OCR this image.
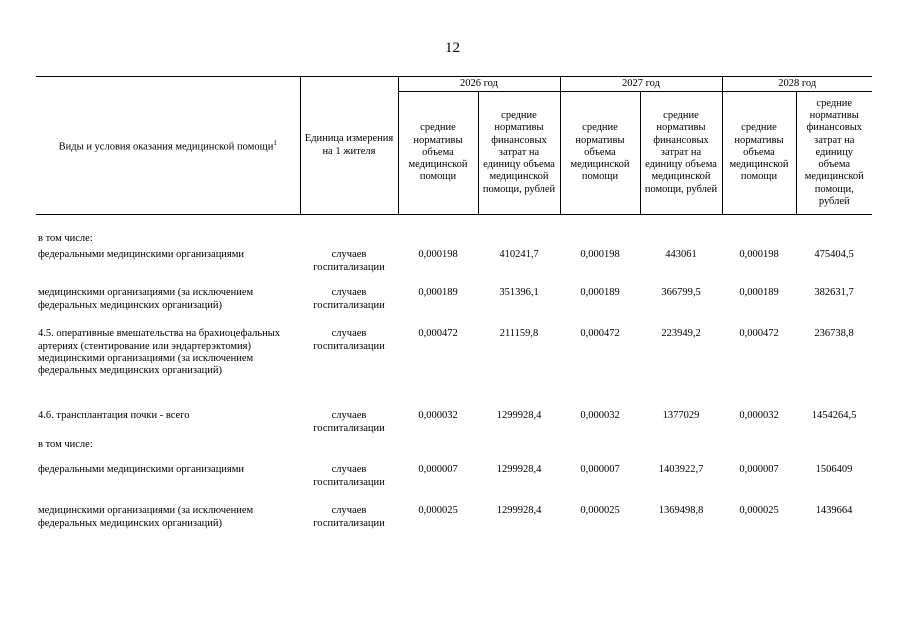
12
Виды и условия оказания медицинской помощи$^1$	Единица измерения на 1 жителя	2026 год		2027 год		2028 год	
		средние нормативы объема медицинской помощи	средние нормативы финансовых затрат на единицу объема медицинской помощи, рублей	средние нормативы объема медицинской помощи	средние нормативы финансовых затрат на единицу объема медицинской помощи, рублей	средние нормативы объема медицинской помощи	средние нормативы финансовых затрат на единицу объема медицинской помощи, рублей
в том числе:							
федеральными медицинскими организациями	случаев госпитализации	0,000198	410241,7	0,000198	443061	0,000198	475404,5
медицинскими организациями (за исключением федеральных медицинских организаций)	случаев госпитализации	0,000189	351396,1	0,000189	366799,5	0,000189	382631,7
4.5. оперативные вмешательства на брахиоцефальных артериях (стентирование или эндартерэктомия) медицинскими организациями (за исключением федеральных медицинских организаций)	случаев госпитализации	0,000472	211159,8	0,000472	223949,2	0,000472	236738,8
4.6. трансплантация почки - всего	случаев госпитализации	0,000032	1299928,4	0,000032	1377029	0,000032	1454264,5
в том числе:							
федеральными медицинскими организациями	случаев госпитализации	0,000007	1299928,4	0,000007	1403922,7	0,000007	1506409
медицинскими организациями (за исключением федеральных медицинских организаций)	случаев госпитализации	0,000025	1299928,4	0,000025	1369498,8	0,000025	1439664
